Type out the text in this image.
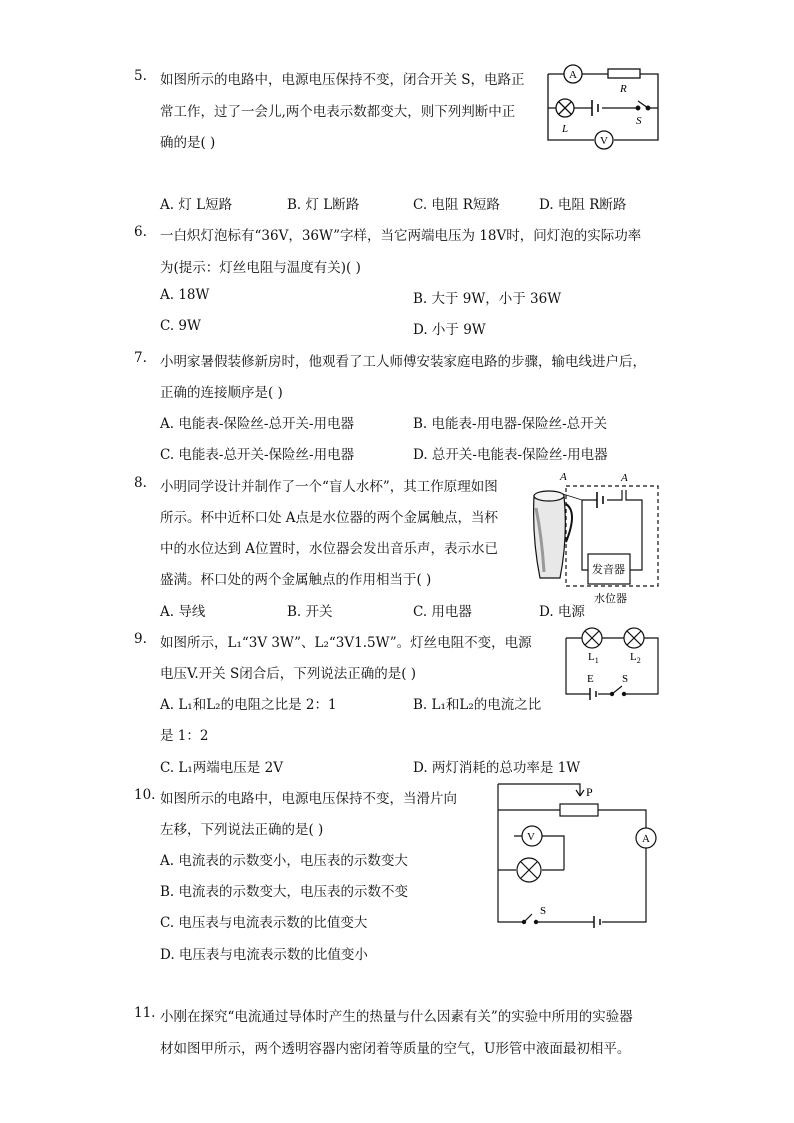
5. 如图所示的电路中，电源电压保持不变，闭合开关 S，电路正
常工作，过了一会儿,两个电表示数都变大，则下列判断中正
确的是( )
A. 灯 L短路	B. 灯 L断路	C. 电阻 R短路	D. 电阻 R断路
A
R
L
S
V
6. 一白炽灯泡标有“36V，36W”字样，当它两端电压为 18V时，问灯泡的实际功率
为(提示：灯丝电阻与温度有关)( )
A. 18W	B. 大于 9W，小于 36W
C. 9W	D. 小于 9W
7. 小明家暑假装修新房时，他观看了工人师傅安装家庭电路的步骤，输电线进户后，
正确的连接顺序是( )
A. 电能表-保险丝-总开关-用电器	B. 电能表-用电器-保险丝-总开关
C. 电能表-总开关-保险丝-用电器	D. 总开关-电能表-保险丝-用电器
8. 小明同学设计并制作了一个“盲人水杯”，其工作原理如图
所示。杯中近杯口处 A点是水位器的两个金属触点，当杯
中的水位达到 A位置时，水位器会发出音乐声，表示水已
盛满。杯口处的两个金属触点的作用相当于( )
A. 导线	B. 开关	C. 用电器	D. 电源
A	A
发音器
水位器
9. 如图所示，L₁“3V 3W”、L₂“3V1.5W”。灯丝电阻不变，电源
电压V.开关 S闭合后，下列说法正确的是( )
A. L₁和L₂的电阻之比是 2：1	B. L₁和L₂的电流之比
是 1：2
C. L₁两端电压是 2V	D. 两灯消耗的总功率是 1W
$L_1$	$L_2$
E	S
10. 如图所示的电路中，电源电压保持不变，当滑片向
左移，下列说法正确的是( )
A. 电流表的示数变小，电压表的示数变大
B. 电流表的示数变大，电压表的示数不变
C. 电压表与电流表示数的比值变大
D. 电压表与电流表示数的比值变小
P
V	A
S
11. 小刚在探究“电流通过导体时产生的热量与什么因素有关”的实验中所用的实验器
材如图甲所示，两个透明容器内密闭着等质量的空气，U形管中液面最初相平。
